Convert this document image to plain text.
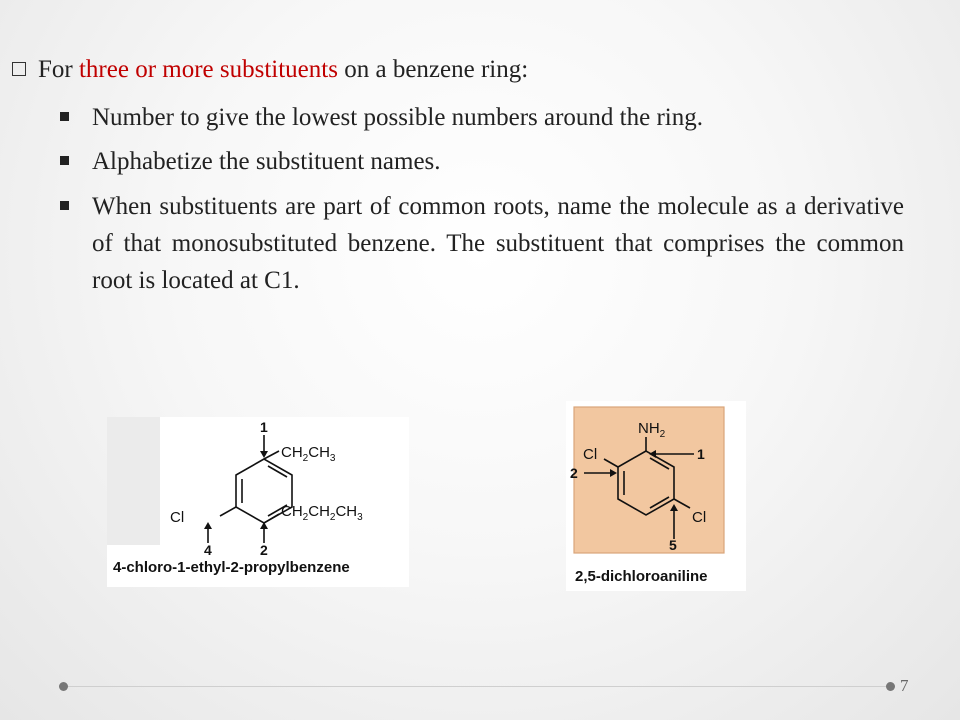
For three or more substituents on a benzene ring:
Number to give the lowest possible numbers around the ring.
Alphabetize the substituent names.
When substituents are part of common roots, name the molecule as a derivative of that monosubstituted benzene. The substituent that comprises the common root is located at C1.
1
2
4
Cl
$CH_2CH_3$
$CH_2CH_2CH_3$
4-chloro-1-ethyl-2-propylbenzene
$NH_2$
Cl
Cl
1
2
5
2,5-dichloroaniline
7
